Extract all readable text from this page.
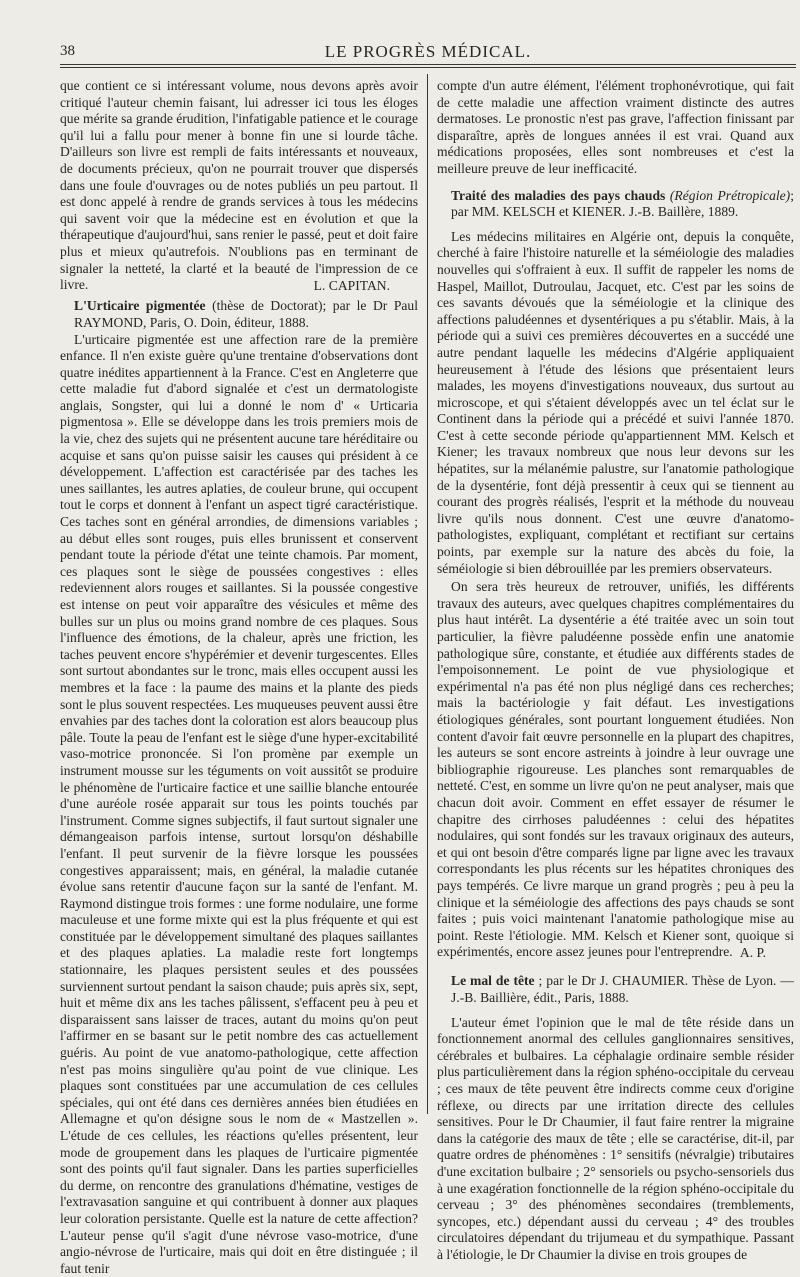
38	LE PROGRÈS MÉDICAL.

que contient ce si intéressant volume, nous devons après avoir critiqué l'auteur chemin faisant, lui adresser ici tous les éloges que mérite sa grande érudition, l'infatigable patience et le courage qu'il lui a fallu pour mener à bonne fin une si lourde tâche. D'ailleurs son livre est rempli de faits intéressants et nouveaux, de documents précieux, qu'on ne pourrait trouver que dispersés dans une foule d'ouvrages ou de notes publiés un peu partout. Il est donc appelé à rendre de grands services à tous les médecins qui savent voir que la médecine est en évolution et que la thérapeutique d'aujourd'hui, sans renier le passé, peut et doit faire plus et mieux qu'autrefois. N'oublions pas en terminant de signaler la netteté, la clarté et la beauté de l'impression de ce livre.	L. CAPITAN.
L'Urticaire pigmentée (thèse de Doctorat); par le Dr Paul RAYMOND, Paris, O. Doin, éditeur, 1888.

L'urticaire pigmentée est une affection rare de la première enfance. Il n'en existe guère qu'une trentaine d'observations dont quatre inédites appartiennent à la France. C'est en Angleterre que cette maladie fut d'abord signalée et c'est un dermatologiste anglais, Songster, qui lui a donné le nom d' « Urticaria pigmentosa ». Elle se développe dans les trois premiers mois de la vie, chez des sujets qui ne présentent aucune tare héréditaire ou acquise et sans qu'on puisse saisir les causes qui président à ce développement. L'affection est caractérisée par des taches les unes saillantes, les autres aplaties, de couleur brune, qui occupent tout le corps et donnent à l'enfant un aspect tigré caractéristique. Ces taches sont en général arrondies, de dimensions variables ; au début elles sont rouges, puis elles brunissent et conservent pendant toute la période d'état une teinte chamois. Par moment, ces plaques sont le siège de poussées congestives : elles redeviennent alors rouges et saillantes. Si la poussée congestive est intense on peut voir apparaître des vésicules et même des bulles sur un plus ou moins grand nombre de ces plaques. Sous l'influence des émotions, de la chaleur, après une friction, les taches peuvent encore s'hypérémier et devenir turgescentes. Elles sont surtout abondantes sur le tronc, mais elles occupent aussi les membres et la face : la paume des mains et la plante des pieds sont le plus souvent respectées. Les muqueuses peuvent aussi être envahies par des taches dont la coloration est alors beaucoup plus pâle. Toute la peau de l'enfant est le siège d'une hyper-excitabilité vaso-motrice prononcée. Si l'on promène par exemple un instrument mousse sur les téguments on voit aussitôt se produire le phénomène de l'urticaire factice et une saillie blanche entourée d'une auréole rosée apparait sur tous les points touchés par l'instrument. Comme signes subjectifs, il faut surtout signaler une démangeaison parfois intense, surtout lorsqu'on déshabille l'enfant. Il peut survenir de la fièvre lorsque les poussées congestives apparaissent; mais, en général, la maladie cutanée évolue sans retentir d'aucune façon sur la santé de l'enfant. M. Raymond distingue trois formes : une forme nodulaire, une forme maculeuse et une forme mixte qui est la plus fréquente et qui est constituée par le développement simultané des plaques saillantes et des plaques aplaties. La maladie reste fort longtemps stationnaire, les plaques persistent seules et des poussées surviennent surtout pendant la saison chaude; puis après six, sept, huit et même dix ans les taches pâlissent, s'effacent peu à peu et disparaissent sans laisser de traces, autant du moins qu'on peut l'affirmer en se basant sur le petit nombre des cas actuellement guéris. Au point de vue anatomo-pathologique, cette affection n'est pas moins singulière qu'au point de vue clinique. Les plaques sont constituées par une accumulation de ces cellules spéciales, qui ont été dans ces dernières années bien étudiées en Allemagne et qu'on désigne sous le nom de « Mastzellen ». L'étude de ces cellules, les réactions qu'elles présentent, leur mode de groupement dans les plaques de l'urticaire pigmentée sont des points qu'il faut signaler. Dans les parties superficielles du derme, on rencontre des granulations d'hématine, vestiges de l'extravasation sanguine et qui contribuent à donner aux plaques leur coloration persistante. Quelle est la nature de cette affection? L'auteur pense qu'il s'agit d'une névrose vaso-motrice, d'une angio-névrose de l'urticaire, mais qui doit en être distinguée ; il faut tenir

compte d'un autre élément, l'élément trophonévrotique, qui fait de cette maladie une affection vraiment distincte des autres dermatoses. Le pronostic n'est pas grave, l'affection finissant par disparaître, après de longues années il est vrai. Quand aux médications proposées, elles sont nombreuses et c'est la meilleure preuve de leur inefficacité.

Traité des maladies des pays chauds (Région Prétropicale); par MM. KELSCH et KIENER. J.-B. Baillère, 1889.

Les médecins militaires en Algérie ont, depuis la conquête, cherché à faire l'histoire naturelle et la séméiologie des maladies nouvelles qui s'offraient à eux. Il suffit de rappeler les noms de Haspel, Maillot, Dutroulau, Jacquet, etc. C'est par les soins de ces savants dévoués que la séméiologie et la clinique des affections paludéennes et dysentériques a pu s'établir. Mais, à la période qui a suivi ces premières découvertes en a succédé une autre pendant laquelle les médecins d'Algérie appliquaient heureusement à l'étude des lésions que présentaient leurs malades, les moyens d'investigations nouveaux, dus surtout au microscope, et qui s'étaient développés avec un tel éclat sur le Continent dans la période qui a précédé et suivi l'année 1870. C'est à cette seconde période qu'appartiennent MM. Kelsch et Kiener; les travaux nombreux que nous leur devons sur les hépatites, sur la mélanémie palustre, sur l'anatomie pathologique de la dysentérie, font déjà pressentir à ceux qui se tiennent au courant des progrès réalisés, l'esprit et la méthode du nouveau livre qu'ils nous donnent. C'est une œuvre d'anatomo-pathologistes, expliquant, complétant et rectifiant sur certains points, par exemple sur la nature des abcès du foie, la séméiologie si bien débrouillée par les premiers observateurs.

On sera très heureux de retrouver, unifiés, les différents travaux des auteurs, avec quelques chapitres complémentaires du plus haut intérêt. La dysentérie a été traitée avec un soin tout particulier, la fièvre paludéenne possède enfin une anatomie pathologique sûre, constante, et étudiée aux différents stades de l'empoisonnement. Le point de vue physiologique et expérimental n'a pas été non plus négligé dans ces recherches; mais la bactériologie y fait défaut. Les investigations étiologiques générales, sont pourtant longuement étudiées. Non content d'avoir fait œuvre personnelle en la plupart des chapitres, les auteurs se sont encore astreints à joindre à leur ouvrage une bibliographie rigoureuse. Les planches sont remarquables de netteté. C'est, en somme un livre qu'on ne peut analyser, mais que chacun doit avoir. Comment en effet essayer de résumer le chapitre des cirrhoses paludéennes : celui des hépatites nodulaires, qui sont fondés sur les travaux originaux des auteurs, et qui ont besoin d'être comparés ligne par ligne avec les travaux correspondants les plus récents sur les hépatites chroniques des pays tempérés. Ce livre marque un grand progrès ; peu à peu la clinique et la séméiologie des affections des pays chauds se sont faites ; puis voici maintenant l'anatomie pathologique mise au point. Reste l'étiologie. MM. Kelsch et Kiener sont, quoique si expérimentés, encore assez jeunes pour l'entreprendre. A. P.
Le mal de tête ; par le Dr J. CHAUMIER. Thèse de Lyon. — J.-B. Baillière, édit., Paris, 1888.

L'auteur émet l'opinion que le mal de tête réside dans un fonctionnement anormal des cellules ganglionnaires sensitives, cérébrales et bulbaires. La céphalagie ordinaire semble résider plus particulièrement dans la région sphéno-occipitale du cerveau ; ces maux de tête peuvent être indirects comme ceux d'origine réflexe, ou directs par une irritation directe des cellules sensitives. Pour le Dr Chaumier, il faut faire rentrer la migraine dans la catégorie des maux de tête ; elle se caractérise, dit-il, par quatre ordres de phénomènes : 1° sensitifs (névralgie) tributaires d'une excitation bulbaire ; 2° sensoriels ou psycho-sensoriels dus à une exagération fonctionnelle de la région sphéno-occipitale du cerveau ; 3° des phénomènes secondaires (tremblements, syncopes, etc.) dépendant aussi du cerveau ; 4° des troubles circulatoires dépendant du trijumeau et du sympathique. Passant à l'étiologie, le Dr Chaumier la divise en trois groupes de
